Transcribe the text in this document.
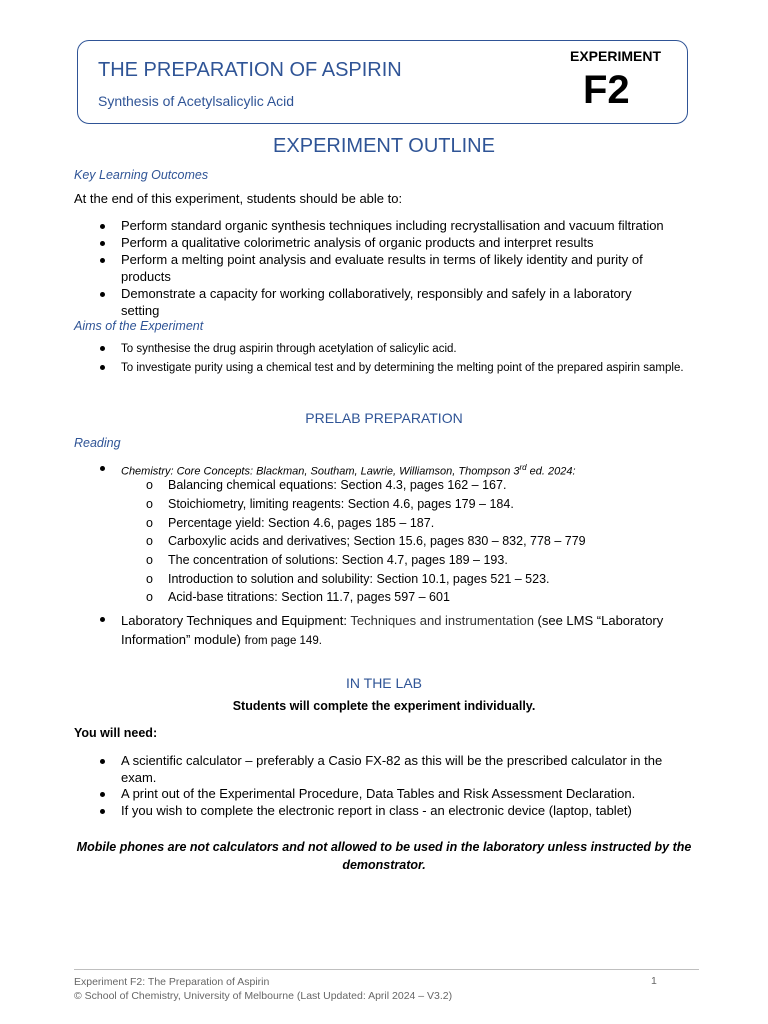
THE PREPARATION OF ASPIRIN
Synthesis of Acetylsalicylic Acid
EXPERIMENT
F2
EXPERIMENT OUTLINE
Key Learning Outcomes
At the end of this experiment, students should be able to:
Perform standard organic synthesis techniques including recrystallisation and vacuum filtration
Perform a qualitative colorimetric analysis of organic products and interpret results
Perform a melting point analysis and evaluate results in terms of likely identity and purity of products
Demonstrate a capacity for working collaboratively, responsibly and safely in a laboratory setting
Aims of the Experiment
To synthesise the drug aspirin through acetylation of salicylic acid.
To investigate purity using a chemical test and by determining the melting point of the prepared aspirin sample.
PRELAB PREPARATION
Reading
Chemistry: Core Concepts: Blackman, Southam, Lawrie, Williamson, Thompson 3rd ed. 2024:
o Balancing chemical equations: Section 4.3, pages 162 – 167.
o Stoichiometry, limiting reagents: Section 4.6, pages 179 – 184.
o Percentage yield: Section 4.6, pages 185 – 187.
o Carboxylic acids and derivatives; Section 15.6, pages 830 – 832, 778 – 779
o The concentration of solutions: Section 4.7, pages 189 – 193.
o Introduction to solution and solubility: Section 10.1, pages 521 – 523.
o Acid-base titrations: Section 11.7, pages 597 – 601
Laboratory Techniques and Equipment: Techniques and instrumentation (see LMS “Laboratory
Information” module) from page 149.
IN THE LAB
Students will complete the experiment individually.
You will need:
A scientific calculator – preferably a Casio FX-82 as this will be the prescribed calculator in the exam.
A print out of the Experimental Procedure, Data Tables and Risk Assessment Declaration.
If you wish to complete the electronic report in class - an electronic device (laptop, tablet)
Mobile phones are not calculators and not allowed to be used in the laboratory unless instructed by the demonstrator.
Experiment F2: The Preparation of Aspirin
© School of Chemistry, University of Melbourne (Last Updated: April 2024 – V3.2)
1
